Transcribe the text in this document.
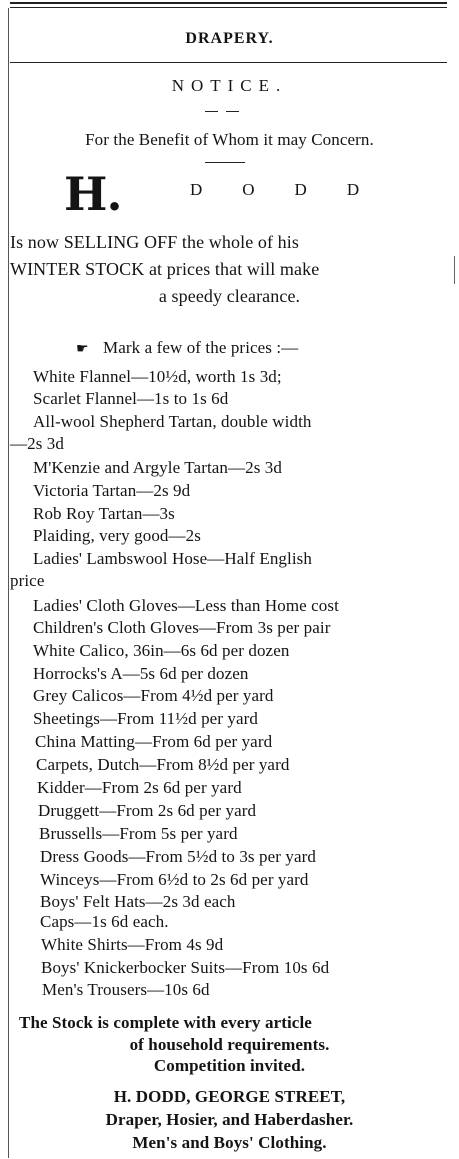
DRAPERY.
NOTICE.
For the Benefit of Whom it may Concern.
H.	DODD
Is now SELLING OFF the whole of his
WINTER STOCK at prices that will make
a speedy clearance.
☛ Mark a few of the prices :—
White Flannel—10½d, worth 1s 3d;
Scarlet Flannel—1s to 1s 6d
All-wool Shepherd Tartan, double width
—2s 3d
M'Kenzie and Argyle Tartan—2s 3d
Victoria Tartan—2s 9d
Rob Roy Tartan—3s
Plaiding, very good—2s
Ladies' Lambswool Hose—Half English
price
Ladies' Cloth Gloves—Less than Home cost
Children's Cloth Gloves—From 3s per pair
White Calico, 36in—6s 6d per dozen
Horrocks's A—5s 6d per dozen
Grey Calicos—From 4½d per yard
Sheetings—From 11½d per yard
China Matting—From 6d per yard
Carpets, Dutch—From 8½d per yard
Kidder—From 2s 6d per yard
Druggett—From 2s 6d per yard
Brussells—From 5s per yard
Dress Goods—From 5½d to 3s per yard
Winceys—From 6½d to 2s 6d per yard
Boys' Felt Hats—2s 3d each
Caps—1s 6d each.
White Shirts—From 4s 9d
Boys' Knickerbocker Suits—From 10s 6d
Men's Trousers—10s 6d
The Stock is complete with every article
of household requirements.
Competition invited.
H. DODD, GEORGE STREET,
Draper, Hosier, and Haberdasher.
Men's and Boys' Clothing.
